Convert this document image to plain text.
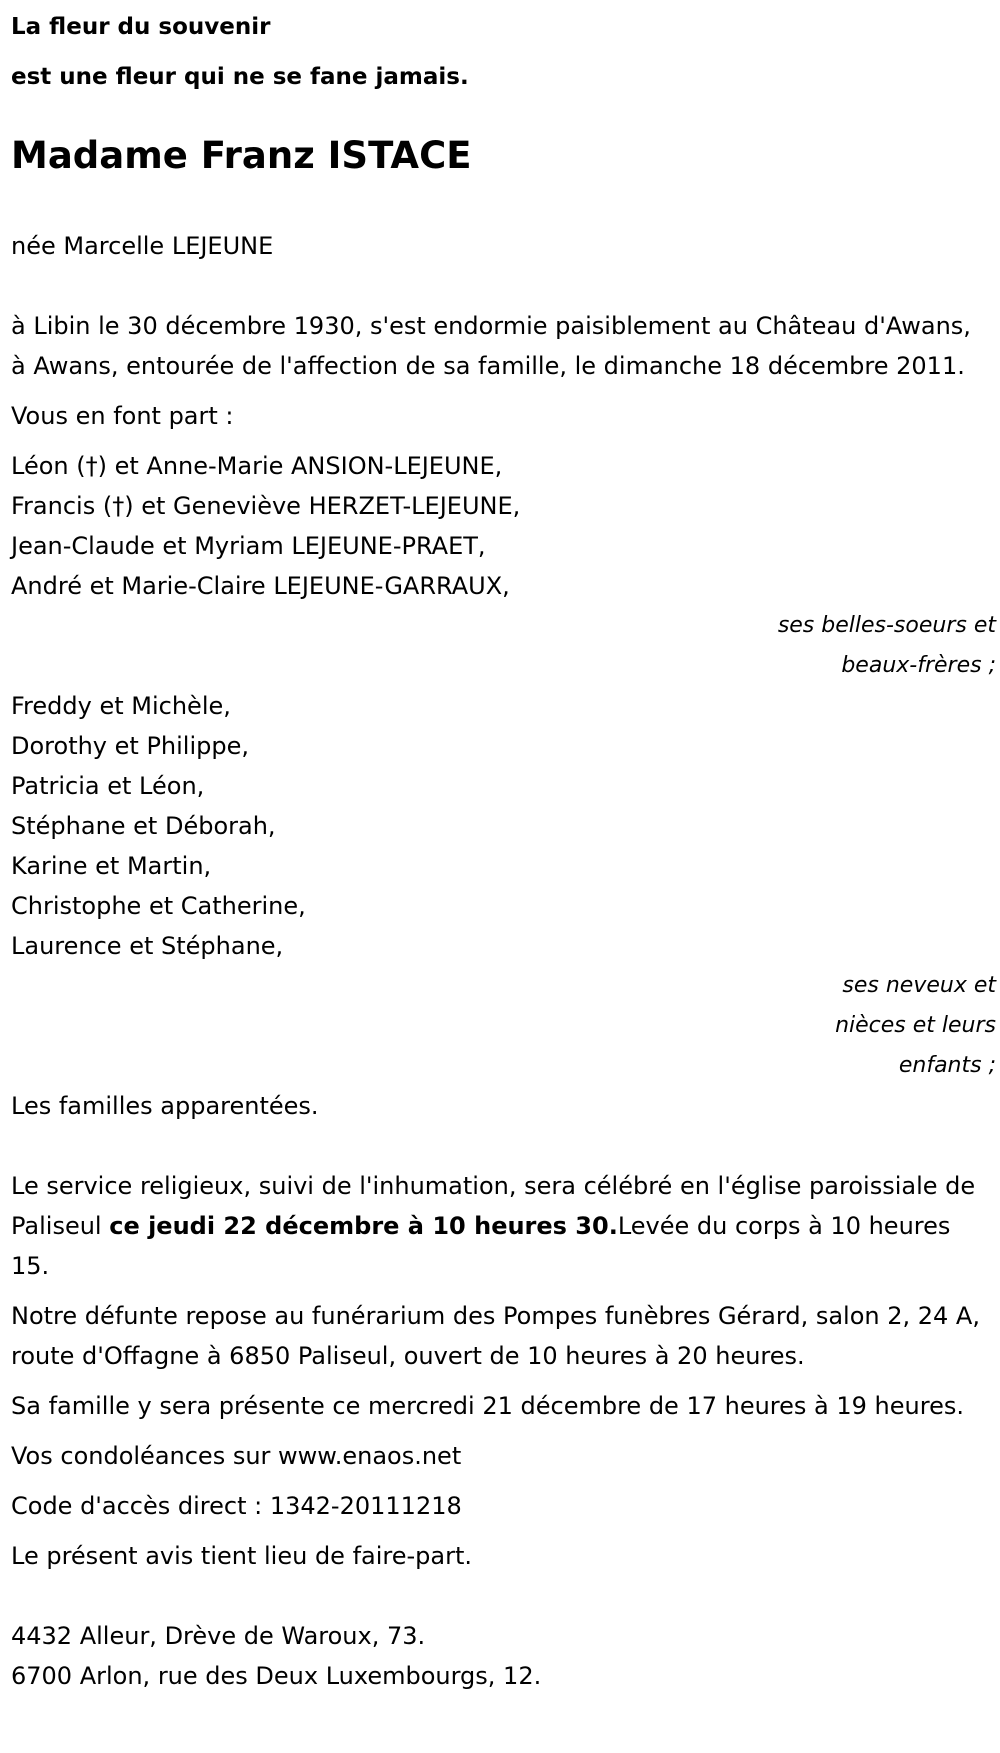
La fleur du souvenir

est une fleur qui ne se fane jamais.

Madame Franz ISTACE

née Marcelle LEJEUNE

à Libin le 30 décembre 1930, s'est endormie paisiblement au Château d'Awans, à Awans, entourée de l'affection de sa famille, le dimanche 18 décembre 2011.

Vous en font part :

Léon (†) et Anne-Marie ANSION-LEJEUNE,
Francis (†) et Geneviève HERZET-LEJEUNE,
Jean-Claude et Myriam LEJEUNE-PRAET,
André et Marie-Claire LEJEUNE-GARRAUX,
ses belles-soeurs et
beaux-frères ;
Freddy et Michèle,
Dorothy et Philippe,
Patricia et Léon,
Stéphane et Déborah,
Karine et Martin,
Christophe et Catherine,
Laurence et Stéphane,
ses neveux et
nièces et leurs
enfants ;

Les familles apparentées.

Le service religieux, suivi de l'inhumation, sera célébré en l'église paroissiale de Paliseul ce jeudi 22 décembre à 10 heures 30.Levée du corps à 10 heures 15.

Notre défunte repose au funérarium des Pompes funèbres Gérard, salon 2, 24 A, route d'Offagne à 6850 Paliseul, ouvert de 10 heures à 20 heures.

Sa famille y sera présente ce mercredi 21 décembre de 17 heures à 19 heures.

Vos condoléances sur www.enaos.net

Code d'accès direct : 1342-20111218

Le présent avis tient lieu de faire-part.

4432 Alleur, Drève de Waroux, 73.

6700 Arlon, rue des Deux Luxembourgs, 12.
